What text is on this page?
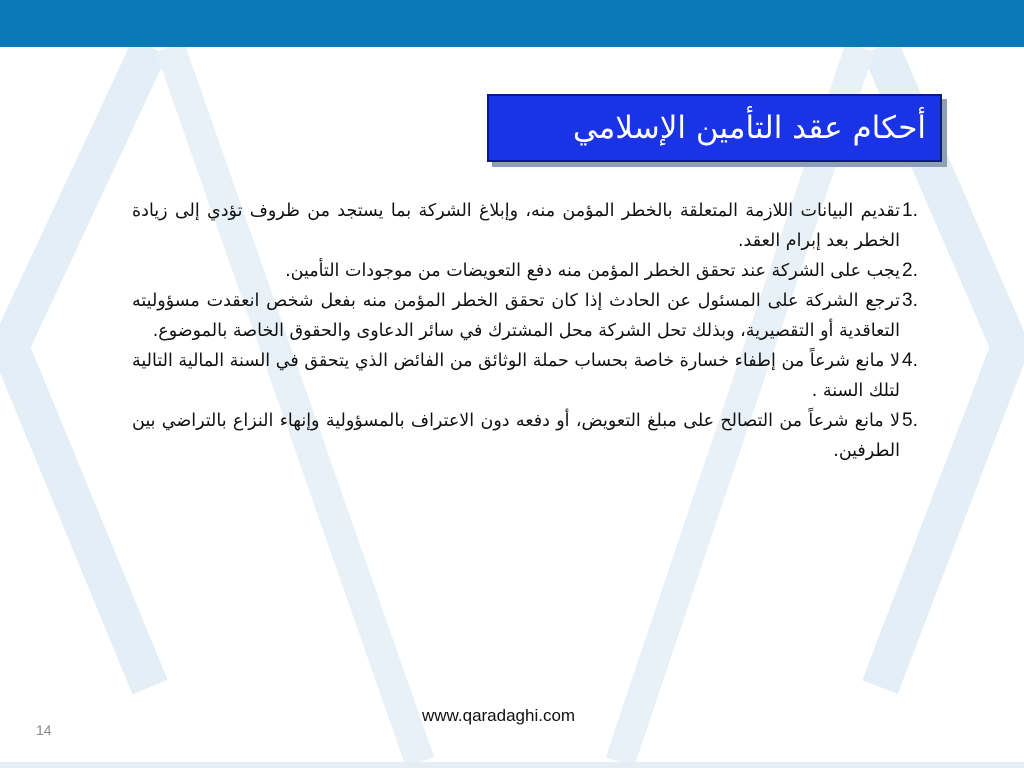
أحكام عقد التأمين الإسلامي

1.
تقديم البيانات اللازمة المتعلقة بالخطر المؤمن منه، وإبلاغ الشركة بما يستجد من ظروف تؤدي إلى زيادة الخطر بعد إبرام العقد.

2.
يجب على الشركة عند تحقق الخطر المؤمن منه دفع التعويضات من موجودات التأمين.

3.
ترجع الشركة على المسئول عن الحادث إذا كان تحقق الخطر المؤمن منه بفعل شخص انعقدت مسؤوليته التعاقدية أو التقصيرية، وبذلك تحل الشركة محل المشترك في سائر الدعاوى والحقوق الخاصة بالموضوع.

4.
لا مانع شرعاً من إطفاء خسارة خاصة بحساب حملة الوثائق من الفائض الذي يتحقق في السنة المالية التالية لتلك السنة .

5.
لا مانع شرعاً من التصالح على مبلغ التعويض، أو دفعه دون الاعتراف بالمسؤولية وإنهاء النزاع بالتراضي بين الطرفين.

www.qaradaghi.com
14
